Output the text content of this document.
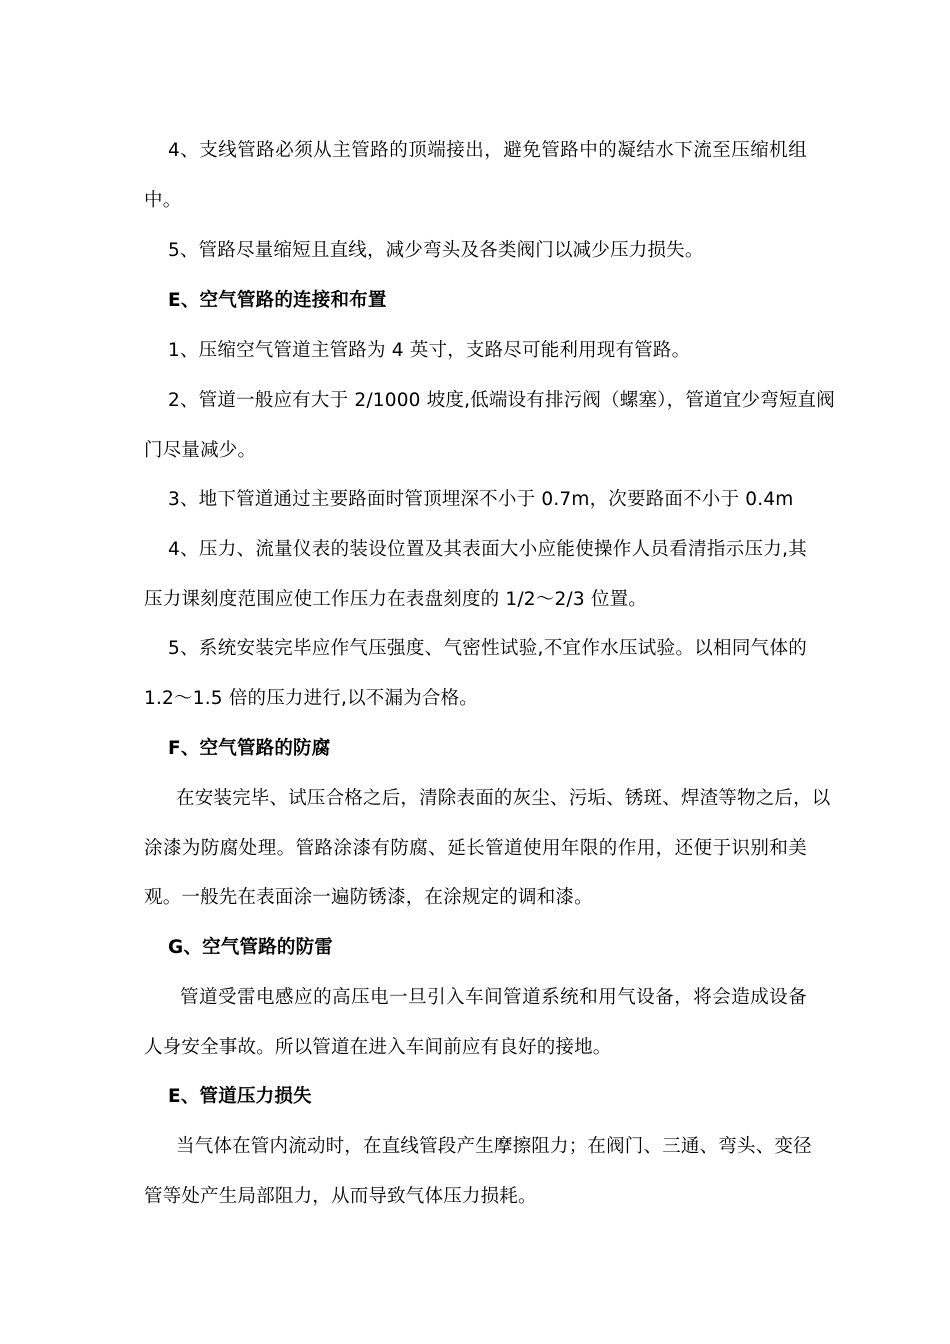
4、支线管路必须从主管路的顶端接出，避免管路中的凝结水下流至压缩机组
中。
5、管路尽量缩短且直线，减少弯头及各类阀门以减少压力损失。
E、空气管路的连接和布置
1、压缩空气管道主管路为 4 英寸，支路尽可能利用现有管路。
2、管道一般应有大于 2/1000 坡度,低端设有排污阀（螺塞），管道宜少弯短直阀
门尽量减少。
3、地下管道通过主要路面时管顶埋深不小于 0.7m，次要路面不小于 0.4m
4、压力、流量仪表的装设位置及其表面大小应能使操作人员看清指示压力,其
压力课刻度范围应使工作压力在表盘刻度的 1/2～2/3 位置。
5、系统安装完毕应作气压强度、气密性试验,不宜作水压试验。以相同气体的
1.2～1.5 倍的压力进行,以不漏为合格。
F、空气管路的防腐
在安装完毕、试压合格之后，清除表面的灰尘、污垢、锈斑、焊渣等物之后，以
涂漆为防腐处理。管路涂漆有防腐、延长管道使用年限的作用，还便于识别和美
观。一般先在表面涂一遍防锈漆，在涂规定的调和漆。
G、空气管路的防雷
管道受雷电感应的高压电一旦引入车间管道系统和用气设备，将会造成设备
人身安全事故。所以管道在进入车间前应有良好的接地。
E、管道压力损失
当气体在管内流动时，在直线管段产生摩擦阻力；在阀门、三通、弯头、变径
管等处产生局部阻力，从而导致气体压力损耗。
